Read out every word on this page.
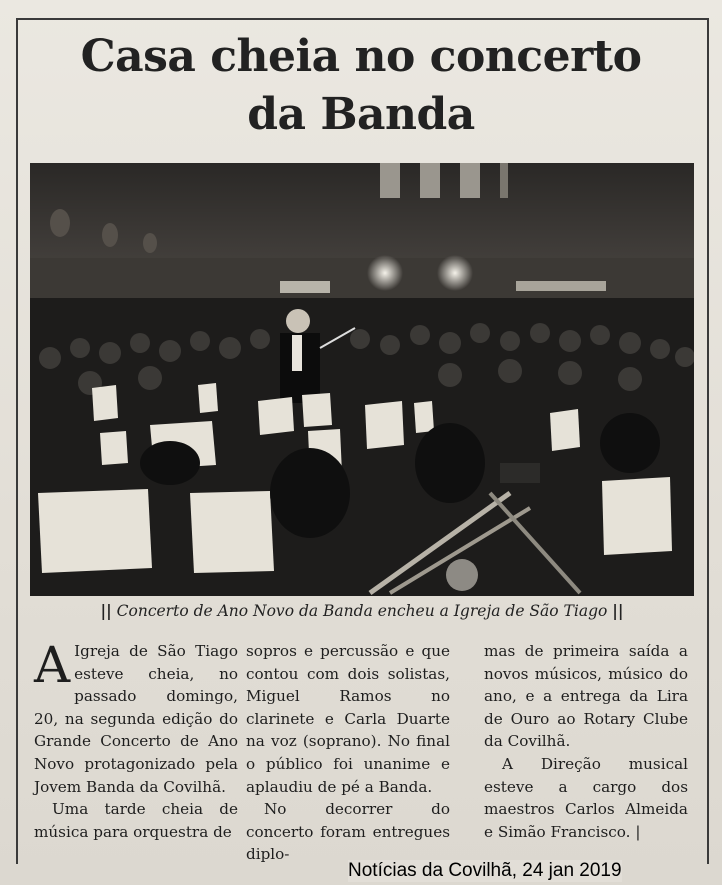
Casa cheia no concerto
da Banda
|| Concerto de Ano Novo da Banda encheu a Igreja de São Tiago ||

A Igreja de São Tiago esteve cheia, no passado domingo, 20, na segunda edição do Grande Concerto de Ano Novo protagonizado pela Jovem Banda da Covilhã.

Uma tarde cheia de música para orquestra de

sopros e percussão e que contou com dois solistas, Miguel Ramos no clarinete e Carla Duarte na voz (soprano). No final o público foi unanime e aplaudiu de pé a Banda.

No decorrer do concerto foram entregues diplo-

mas de primeira saída a novos músicos, músico do ano, e a entrega da Lira de Ouro ao Rotary Clube da Covilhã.

A Direção musical esteve a cargo dos maestros Carlos Almeida e Simão Francisco. |

Notícias da Covilhã, 24 jan 2019
